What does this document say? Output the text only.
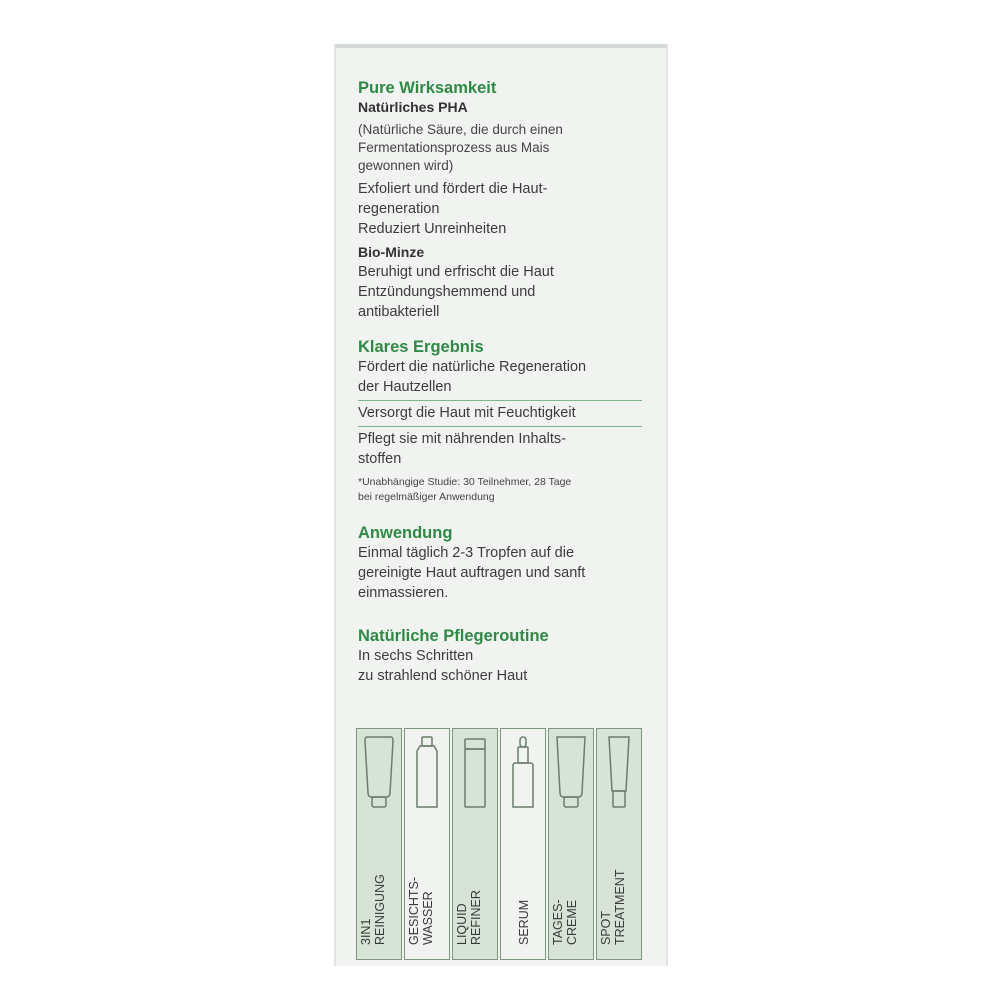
Pure Wirksamkeit

Natürliches PHA

(Natürliche Säure, die durch einen

Fermentationsprozess aus Mais

gewonnen wird)

Exfoliert und fördert die Haut-

regeneration

Reduziert Unreinheiten

Bio-Minze

Beruhigt und erfrischt die Haut

Entzündungshemmend und

antibakteriell

Klares Ergebnis

Fördert die natürliche Regeneration

der Hautzellen

Versorgt die Haut mit Feuchtigkeit

Pflegt sie mit nährenden Inhalts-

stoffen

*Unabhängige Studie: 30 Teilnehmer, 28 Tage

bei regelmäßiger Anwendung

Anwendung

Einmal täglich 2-3 Tropfen auf die

gereinigte Haut auftragen und sanft

einmassieren.

Natürliche Pflegeroutine

In sechs Schritten

zu strahlend schöner Haut

3IN1 REINIGUNG GESICHTS- WASSER LIQUID REFINER	SERUM TAGES- CREME SPOT TREATMENT
